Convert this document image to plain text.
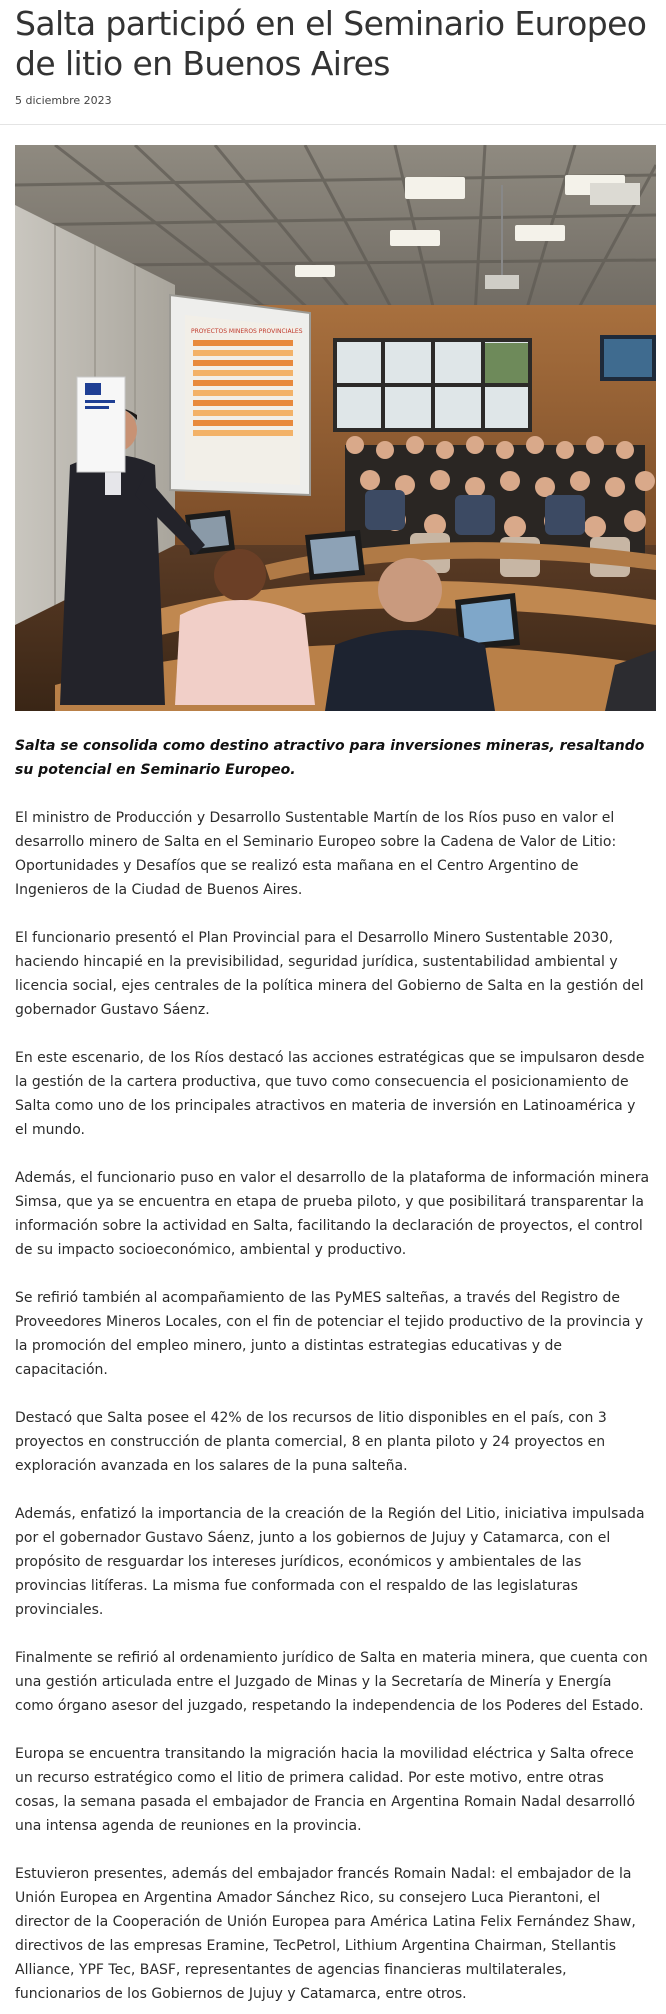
Salta participó en el Seminario Europeo de litio en Buenos Aires
5 diciembre 2023
PROYECTOS MINEROS PROVINCIALES

Salta se consolida como destino atractivo para inversiones mineras, resaltando su potencial en Seminario Europeo.

El ministro de Producción y Desarrollo Sustentable Martín de los Ríos puso en valor el desarrollo minero de Salta en el Seminario Europeo sobre la Cadena de Valor de Litio: Oportunidades y Desafíos que se realizó esta mañana en el Centro Argentino de Ingenieros de la Ciudad de Buenos Aires.

El funcionario presentó el Plan Provincial para el Desarrollo Minero Sustentable 2030, haciendo hincapié en la previsibilidad, seguridad jurídica, sustentabilidad ambiental y licencia social, ejes centrales de la política minera del Gobierno de Salta en la gestión del gobernador Gustavo Sáenz.

En este escenario, de los Ríos destacó las acciones estratégicas que se impulsaron desde la gestión de la cartera productiva, que tuvo como consecuencia el posicionamiento de Salta como uno de los principales atractivos en materia de inversión en Latinoamérica y el mundo.

Además, el funcionario puso en valor el desarrollo de la plataforma de información minera Simsa, que ya se encuentra en etapa de prueba piloto, y que posibilitará transparentar la información sobre la actividad en Salta, facilitando la declaración de proyectos, el control de su impacto socioeconómico, ambiental y productivo.

Se refirió también al acompañamiento de las PyMES salteñas, a través del Registro de Proveedores Mineros Locales, con el fin de potenciar el tejido productivo de la provincia y la promoción del empleo minero, junto a distintas estrategias educativas y de capacitación.

Destacó que Salta posee el 42% de los recursos de litio disponibles en el país, con 3 proyectos en construcción de planta comercial, 8 en planta piloto y 24 proyectos en exploración avanzada en los salares de la puna salteña.

Además, enfatizó la importancia de la creación de la Región del Litio, iniciativa impulsada por el gobernador Gustavo Sáenz, junto a los gobiernos de Jujuy y Catamarca, con el propósito de resguardar los intereses jurídicos, económicos y ambientales de las provincias litíferas. La misma fue conformada con el respaldo de las legislaturas provinciales.

Finalmente se refirió al ordenamiento jurídico de Salta en materia minera, que cuenta con una gestión articulada entre el Juzgado de Minas y la Secretaría de Minería y Energía como órgano asesor del juzgado, respetando la independencia de los Poderes del Estado.

Europa se encuentra transitando la migración hacia la movilidad eléctrica y Salta ofrece un recurso estratégico como el litio de primera calidad. Por este motivo, entre otras cosas, la semana pasada el embajador de Francia en Argentina Romain Nadal desarrolló una intensa agenda de reuniones en la provincia.

Estuvieron presentes, además del embajador francés Romain Nadal: el embajador de la Unión Europea en Argentina Amador Sánchez Rico, su consejero Luca Pierantoni, el director de la Cooperación de Unión Europea para América Latina Felix Fernández Shaw, directivos de las empresas Eramine, TecPetrol, Lithium Argentina Chairman, Stellantis Alliance, YPF Tec, BASF, representantes de agencias financieras multilaterales, funcionarios de los Gobiernos de Jujuy y Catamarca, entre otros.
